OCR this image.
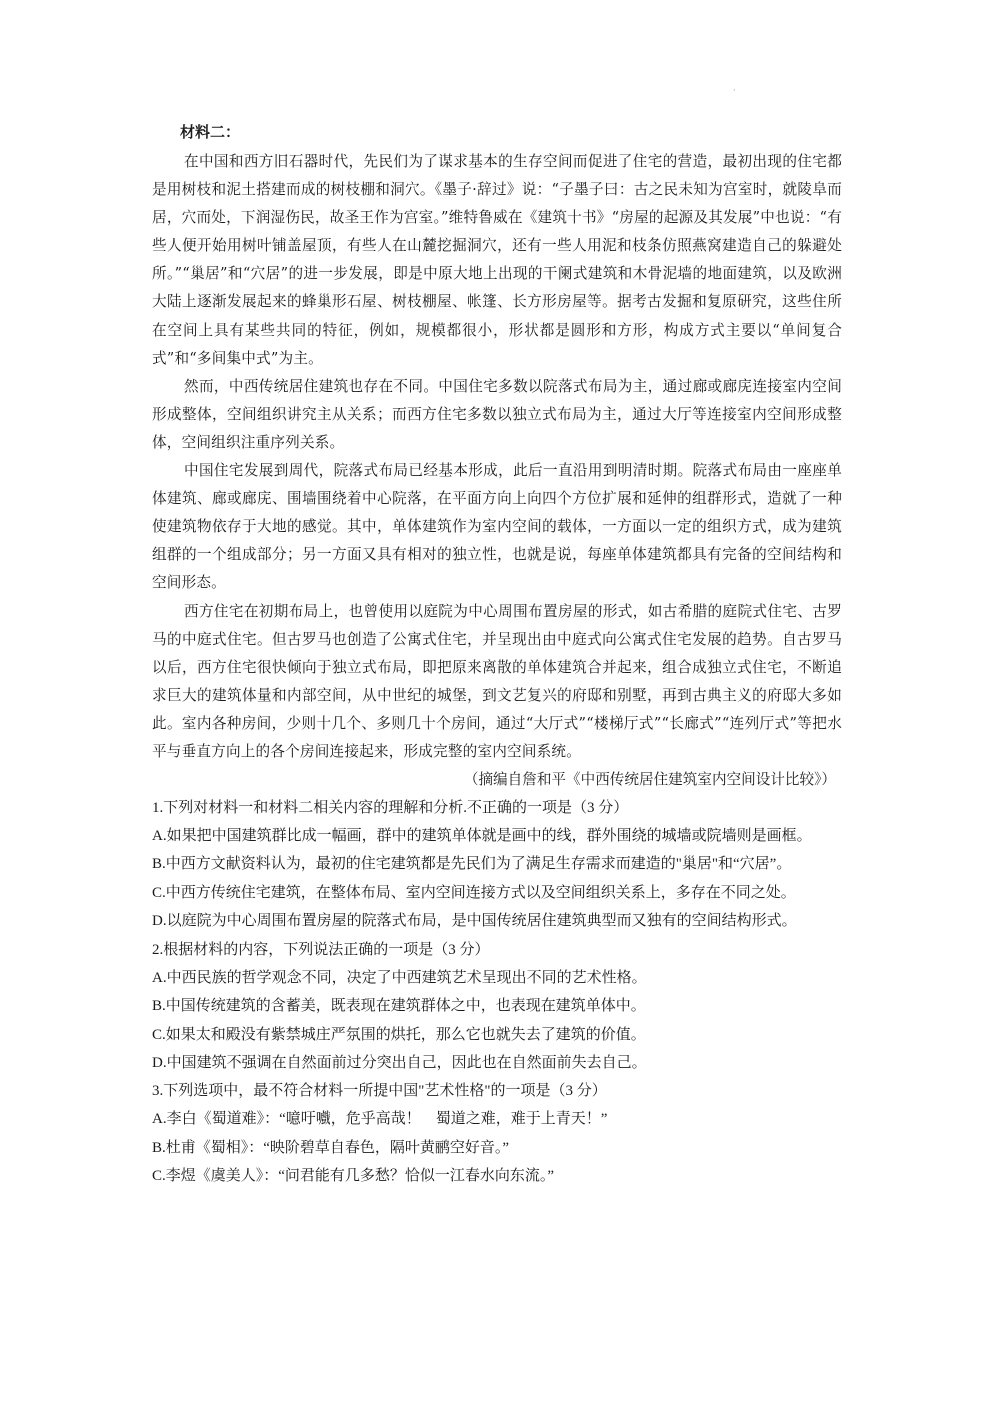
·
材料二：

在中国和西方旧石器时代，先民们为了谋求基本的生存空间而促进了住宅的营造，最初出现的住宅都是用树枝和泥土搭建而成的树枝棚和洞穴。《墨子·辞过》说：“子墨子曰：古之民未知为宫室时，就陵阜而居，穴而处，下润湿伤民，故圣王作为宫室。”维特鲁威在《建筑十书》“房屋的起源及其发展”中也说：“有些人便开始用树叶铺盖屋顶，有些人在山麓挖掘洞穴，还有一些人用泥和枝条仿照燕窝建造自己的躲避处所。”“巢居”和“穴居”的进一步发展，即是中原大地上出现的干阑式建筑和木骨泥墙的地面建筑，以及欧洲大陆上逐渐发展起来的蜂巢形石屋、树枝棚屋、帐篷、长方形房屋等。据考古发掘和复原研究，这些住所在空间上具有某些共同的特征，例如，规模都很小，形状都是圆形和方形，构成方式主要以“单间复合式”和“多间集中式”为主。

然而，中西传统居住建筑也存在不同。中国住宅多数以院落式布局为主，通过廊或廊庑连接室内空间形成整体，空间组织讲究主从关系；而西方住宅多数以独立式布局为主，通过大厅等连接室内空间形成整体，空间组织注重序列关系。

中国住宅发展到周代，院落式布局已经基本形成，此后一直沿用到明清时期。院落式布局由一座座单体建筑、廊或廊庑、围墙围绕着中心院落，在平面方向上向四个方位扩展和延伸的组群形式，造就了一种使建筑物依存于大地的感觉。其中，单体建筑作为室内空间的载体，一方面以一定的组织方式，成为建筑组群的一个组成部分；另一方面又具有相对的独立性，也就是说，每座单体建筑都具有完备的空间结构和空间形态。

西方住宅在初期布局上，也曾使用以庭院为中心周围布置房屋的形式，如古希腊的庭院式住宅、古罗马的中庭式住宅。但古罗马也创造了公寓式住宅，并呈现出由中庭式向公寓式住宅发展的趋势。自古罗马以后，西方住宅很快倾向于独立式布局，即把原来离散的单体建筑合并起来，组合成独立式住宅，不断追求巨大的建筑体量和内部空间，从中世纪的城堡，到文艺复兴的府邸和别墅，再到古典主义的府邸大多如此。室内各种房间，少则十几个、多则几十个房间，通过“大厅式”“楼梯厅式”“长廊式”“连列厅式”等把水平与垂直方向上的各个房间连接起来，形成完整的室内空间系统。

（摘编自詹和平《中西传统居住建筑室内空间设计比较》）

1.下列对材料一和材料二相关内容的理解和分析.不正确的一项是（3 分）

A.如果把中国建筑群比成一幅画，群中的建筑单体就是画中的线，群外围绕的城墙或院墙则是画框。

B.中西方文献资料认为，最初的住宅建筑都是先民们为了满足生存需求而建造的"巢居"和“穴居”。

C.中西方传统住宅建筑，在整体布局、室内空间连接方式以及空间组织关系上，多存在不同之处。

D.以庭院为中心周围布置房屋的院落式布局，是中国传统居住建筑典型而又独有的空间结构形式。

2.根据材料的内容，下列说法正确的一项是（3 分）

A.中西民族的哲学观念不同，决定了中西建筑艺术呈现出不同的艺术性格。

B.中国传统建筑的含蓄美，既表现在建筑群体之中，也表现在建筑单体中。

C.如果太和殿没有紫禁城庄严氛围的烘托，那么它也就失去了建筑的价值。

D.中国建筑不强调在自然面前过分突出自己，因此也在自然面前失去自己。

3.下列选项中，最不符合材料一所提中国"艺术性格"的一项是（3 分）

A.李白《蜀道难》：“噫吁嚱，危乎高哉！　蜀道之难，难于上青天！”

B.杜甫《蜀相》：“映阶碧草自春色，隔叶黄鹂空好音。”

C.李煜《虞美人》：“问君能有几多愁？恰似一江春水向东流。”
